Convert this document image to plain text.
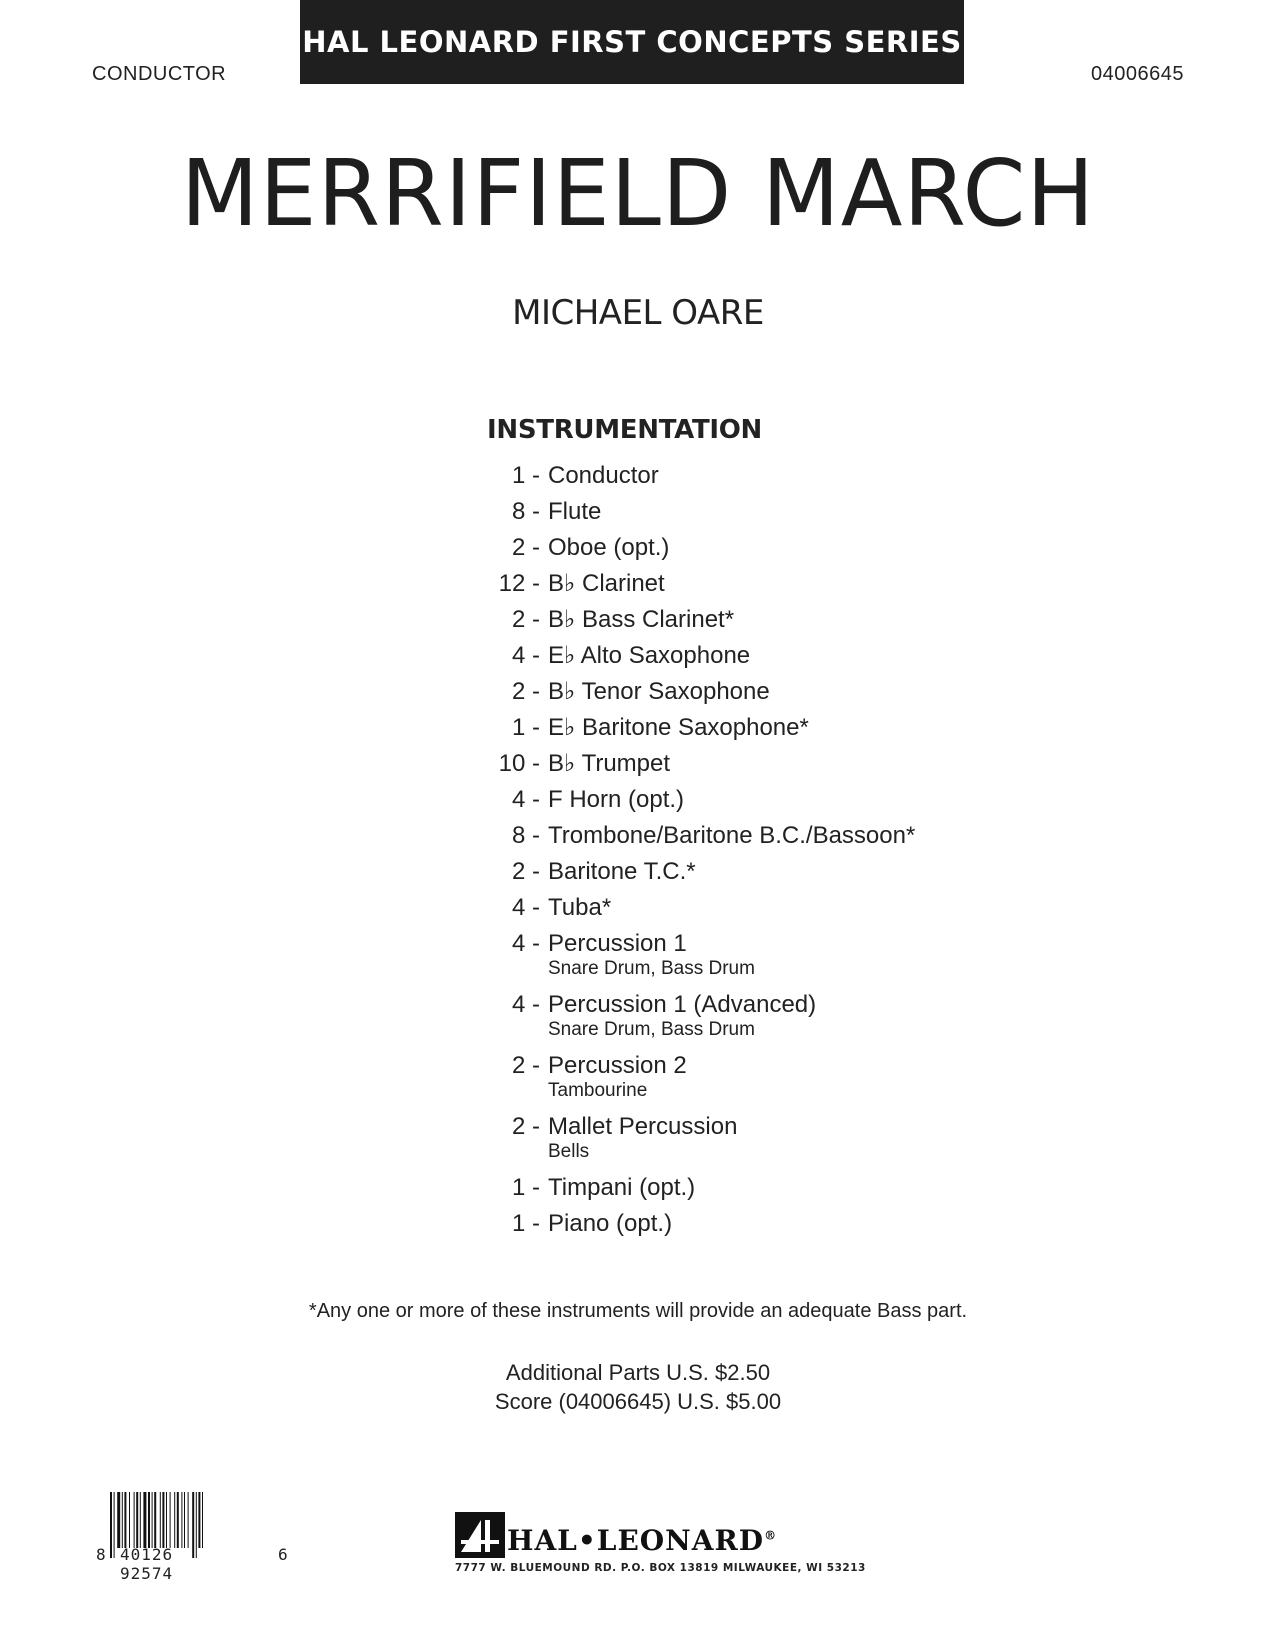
CONDUCTOR
HAL LEONARD FIRST CONCEPTS SERIES
04006645
MERRIFIELD MARCH
MICHAEL OARE
INSTRUMENTATION
1 - Conductor
8 - Flute
2 - Oboe (opt.)
12 - B♭ Clarinet
2 - B♭ Bass Clarinet*
4 - E♭ Alto Saxophone
2 - B♭ Tenor Saxophone
1 - E♭ Baritone Saxophone*
10 - B♭ Trumpet
4 - F Horn (opt.)
8 - Trombone/Baritone B.C./Bassoon*
2 - Baritone T.C.*
4 - Tuba*
4 - Percussion 1
Snare Drum, Bass Drum
4 - Percussion 1 (Advanced)
Snare Drum, Bass Drum
2 - Percussion 2
Tambourine
2 - Mallet Percussion
Bells
1 - Timpani (opt.)
1 - Piano (opt.)
*Any one or more of these instruments will provide an adequate Bass part.
Additional Parts U.S. $2.50
Score (04006645) U.S. $5.00
8 40126 92574
6	HAL•LEONARD®
7777 W. BLUEMOUND RD. P.O. BOX 13819 MILWAUKEE, WI 53213
